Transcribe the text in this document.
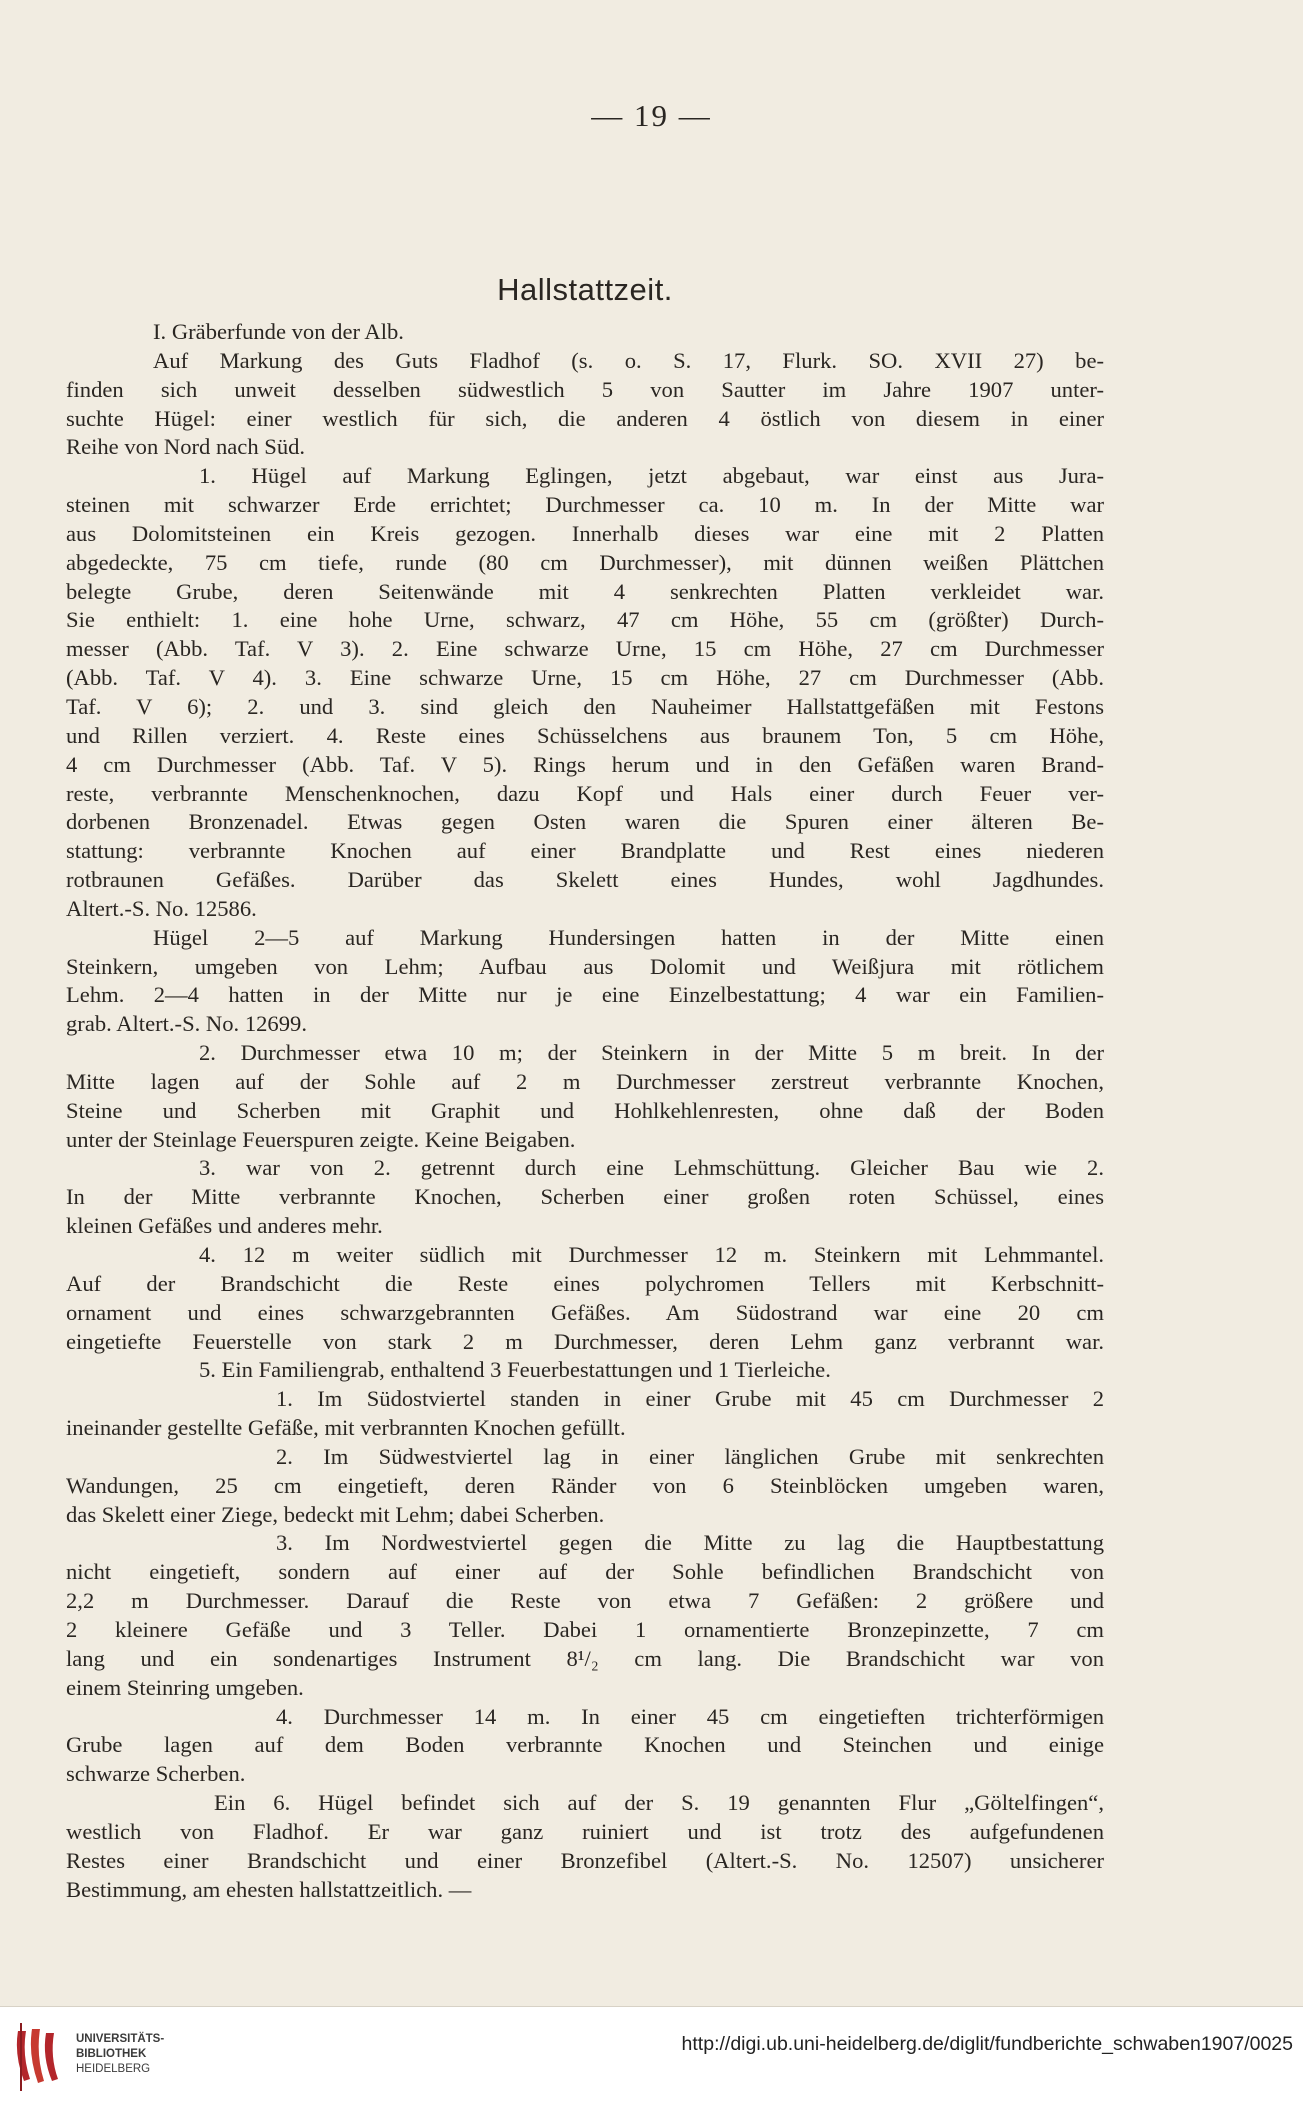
— 19 —
Hallstattzeit.
I. Gräberfunde von der Alb.
Auf Markung des Guts Fladhof (s. o. S. 17, Flurk. SO. XVII 27) be-
finden sich unweit desselben südwestlich 5 von Sautter im Jahre 1907 unter-
suchte Hügel: einer westlich für sich, die anderen 4 östlich von diesem in einer
Reihe von Nord nach Süd.
1. Hügel auf Markung Eglingen, jetzt abgebaut, war einst aus Jura-
steinen mit schwarzer Erde errichtet; Durchmesser ca. 10 m. In der Mitte war
aus Dolomitsteinen ein Kreis gezogen. Innerhalb dieses war eine mit 2 Platten
abgedeckte, 75 cm tiefe, runde (80 cm Durchmesser), mit dünnen weißen Plättchen
belegte Grube, deren Seitenwände mit 4 senkrechten Platten verkleidet war.
Sie enthielt: 1. eine hohe Urne, schwarz, 47 cm Höhe, 55 cm (größter) Durch-
messer (Abb. Taf. V 3). 2. Eine schwarze Urne, 15 cm Höhe, 27 cm Durchmesser
(Abb. Taf. V 4). 3. Eine schwarze Urne, 15 cm Höhe, 27 cm Durchmesser (Abb.
Taf. V 6); 2. und 3. sind gleich den Nauheimer Hallstattgefäßen mit Festons
und Rillen verziert. 4. Reste eines Schüsselchens aus braunem Ton, 5 cm Höhe,
4 cm Durchmesser (Abb. Taf. V 5). Rings herum und in den Gefäßen waren Brand-
reste, verbrannte Menschenknochen, dazu Kopf und Hals einer durch Feuer ver-
dorbenen Bronzenadel. Etwas gegen Osten waren die Spuren einer älteren Be-
stattung: verbrannte Knochen auf einer Brandplatte und Rest eines niederen
rotbraunen Gefäßes. Darüber das Skelett eines Hundes, wohl Jagdhundes.
Altert.-S. No. 12586.
Hügel 2—5 auf Markung Hundersingen hatten in der Mitte einen
Steinkern, umgeben von Lehm; Aufbau aus Dolomit und Weißjura mit rötlichem
Lehm. 2—4 hatten in der Mitte nur je eine Einzelbestattung; 4 war ein Familien-
grab. Altert.-S. No. 12699.
2. Durchmesser etwa 10 m; der Steinkern in der Mitte 5 m breit. In der
Mitte lagen auf der Sohle auf 2 m Durchmesser zerstreut verbrannte Knochen,
Steine und Scherben mit Graphit und Hohlkehlenresten, ohne daß der Boden
unter der Steinlage Feuerspuren zeigte. Keine Beigaben.
3. war von 2. getrennt durch eine Lehmschüttung. Gleicher Bau wie 2.
In der Mitte verbrannte Knochen, Scherben einer großen roten Schüssel, eines
kleinen Gefäßes und anderes mehr.
4. 12 m weiter südlich mit Durchmesser 12 m. Steinkern mit Lehmmantel.
Auf der Brandschicht die Reste eines polychromen Tellers mit Kerbschnitt-
ornament und eines schwarzgebrannten Gefäßes. Am Südostrand war eine 20 cm
eingetiefte Feuerstelle von stark 2 m Durchmesser, deren Lehm ganz verbrannt war.
5. Ein Familiengrab, enthaltend 3 Feuerbestattungen und 1 Tierleiche.
1. Im Südostviertel standen in einer Grube mit 45 cm Durchmesser 2
ineinander gestellte Gefäße, mit verbrannten Knochen gefüllt.
2. Im Südwestviertel lag in einer länglichen Grube mit senkrechten
Wandungen, 25 cm eingetieft, deren Ränder von 6 Steinblöcken umgeben waren,
das Skelett einer Ziege, bedeckt mit Lehm; dabei Scherben.
3. Im Nordwestviertel gegen die Mitte zu lag die Hauptbestattung
nicht eingetieft, sondern auf einer auf der Sohle befindlichen Brandschicht von
2,2 m Durchmesser. Darauf die Reste von etwa 7 Gefäßen: 2 größere und
2 kleinere Gefäße und 3 Teller. Dabei 1 ornamentierte Bronzepinzette, 7 cm
lang und ein sondenartiges Instrument 8¹/₂ cm lang. Die Brandschicht war von
einem Steinring umgeben.
4. Durchmesser 14 m. In einer 45 cm eingetieften trichterförmigen
Grube lagen auf dem Boden verbrannte Knochen und Steinchen und einige
schwarze Scherben.
Ein 6. Hügel befindet sich auf der S. 19 genannten Flur „Göltelfingen“,
westlich von Fladhof. Er war ganz ruiniert und ist trotz des aufgefundenen
Restes einer Brandschicht und einer Bronzefibel (Altert.-S. No. 12507) unsicherer
Bestimmung, am ehesten hallstattzeitlich. —
UNIVERSITÄTS-
BIBLIOTHEK
HEIDELBERG
http://digi.ub.uni-heidelberg.de/diglit/fundberichte_schwaben1907/0025
